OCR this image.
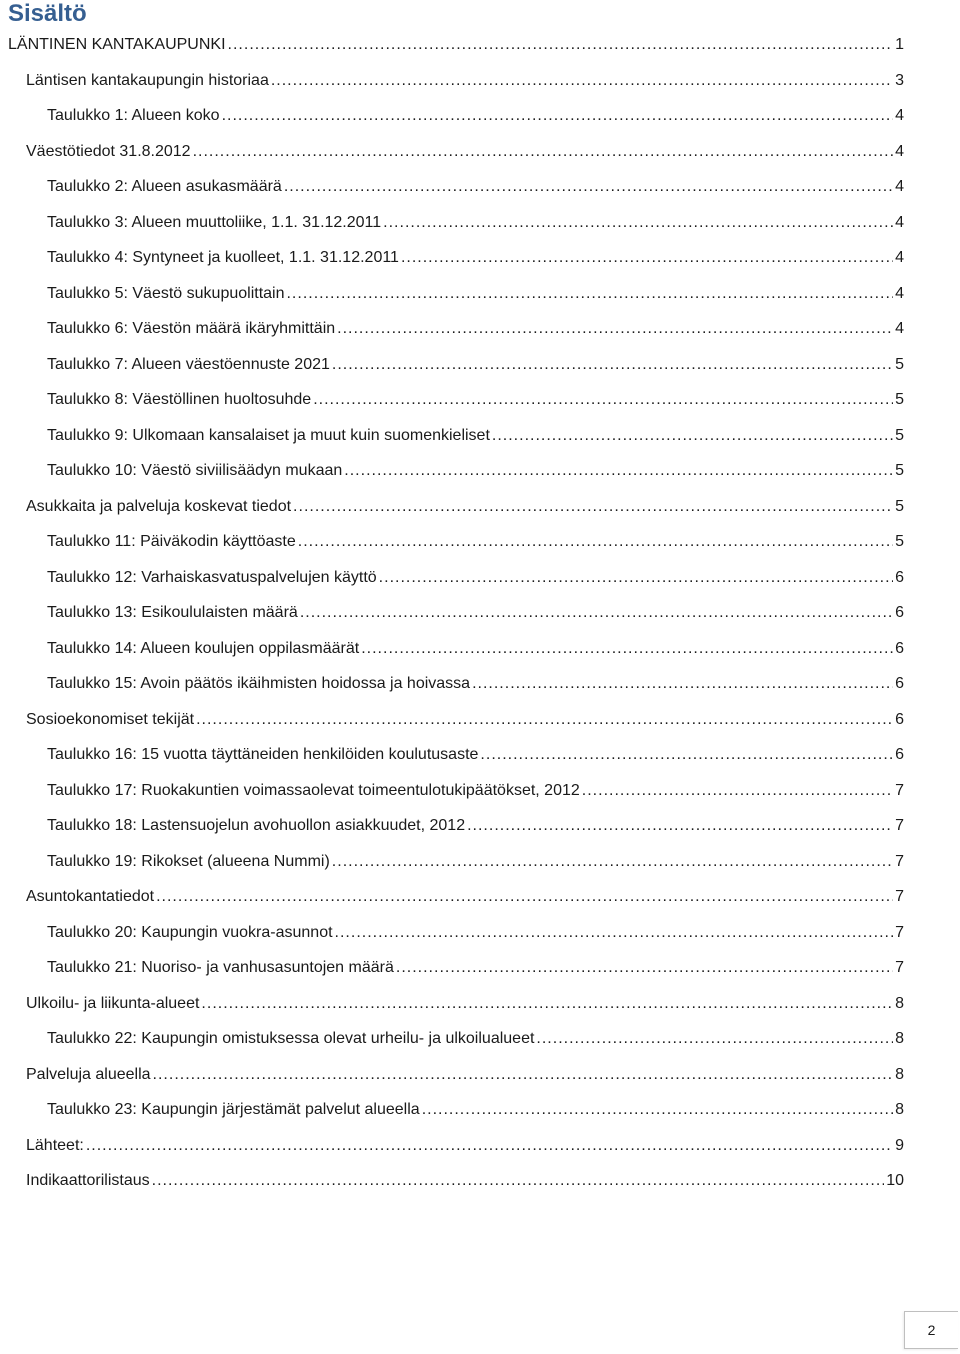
Sisältö
LÄNTINEN KANTAKAUPUNKI .....	1
Läntisen kantakaupungin historiaa .....	3
Taulukko 1: Alueen koko .....	4
Väestötiedot 31.8.2012 .....	4
Taulukko 2: Alueen asukasmäärä .....	4
Taulukko 3: Alueen muuttoliike, 1.1. 31.12.2011 .....	4
Taulukko 4: Syntyneet ja kuolleet, 1.1. 31.12.2011 .....	4
Taulukko 5: Väestö sukupuolittain .....	4
Taulukko 6: Väestön määrä ikäryhmittäin .....	4
Taulukko 7: Alueen väestöennuste 2021 .....	5
Taulukko 8: Väestöllinen huoltosuhde .....	5
Taulukko 9: Ulkomaan kansalaiset ja muut kuin suomenkieliset .....	5
Taulukko 10: Väestö siviilisäädyn mukaan .....	5
Asukkaita ja palveluja koskevat tiedot .....	5
Taulukko 11: Päiväkodin käyttöaste .....	5
Taulukko 12: Varhaiskasvatuspalvelujen käyttö .....	6
Taulukko 13: Esikoululaisten määrä .....	6
Taulukko 14: Alueen koulujen oppilasmäärät .....	6
Taulukko 15: Avoin päätös ikäihmisten hoidossa ja hoivassa .....	6
Sosioekonomiset tekijät .....	6
Taulukko 16: 15 vuotta täyttäneiden henkilöiden koulutusaste .....	6
Taulukko 17: Ruokakuntien voimassaolevat toimeentulotukipäätökset, 2012 .....	7
Taulukko 18: Lastensuojelun avohuollon asiakkuudet, 2012 .....	7
Taulukko 19: Rikokset (alueena Nummi) .....	7
Asuntokantatiedot .....	7
Taulukko 20: Kaupungin vuokra-asunnot .....	7
Taulukko 21: Nuoriso- ja vanhusasuntojen määrä .....	7
Ulkoilu- ja liikunta-alueet .....	8
Taulukko 22: Kaupungin omistuksessa olevat urheilu- ja ulkoilualueet .....	8
Palveluja alueella .....	8
Taulukko 23: Kaupungin järjestämät palvelut alueella .....	8
Lähteet: .....	9
Indikaattorilistaus .....	10
2
